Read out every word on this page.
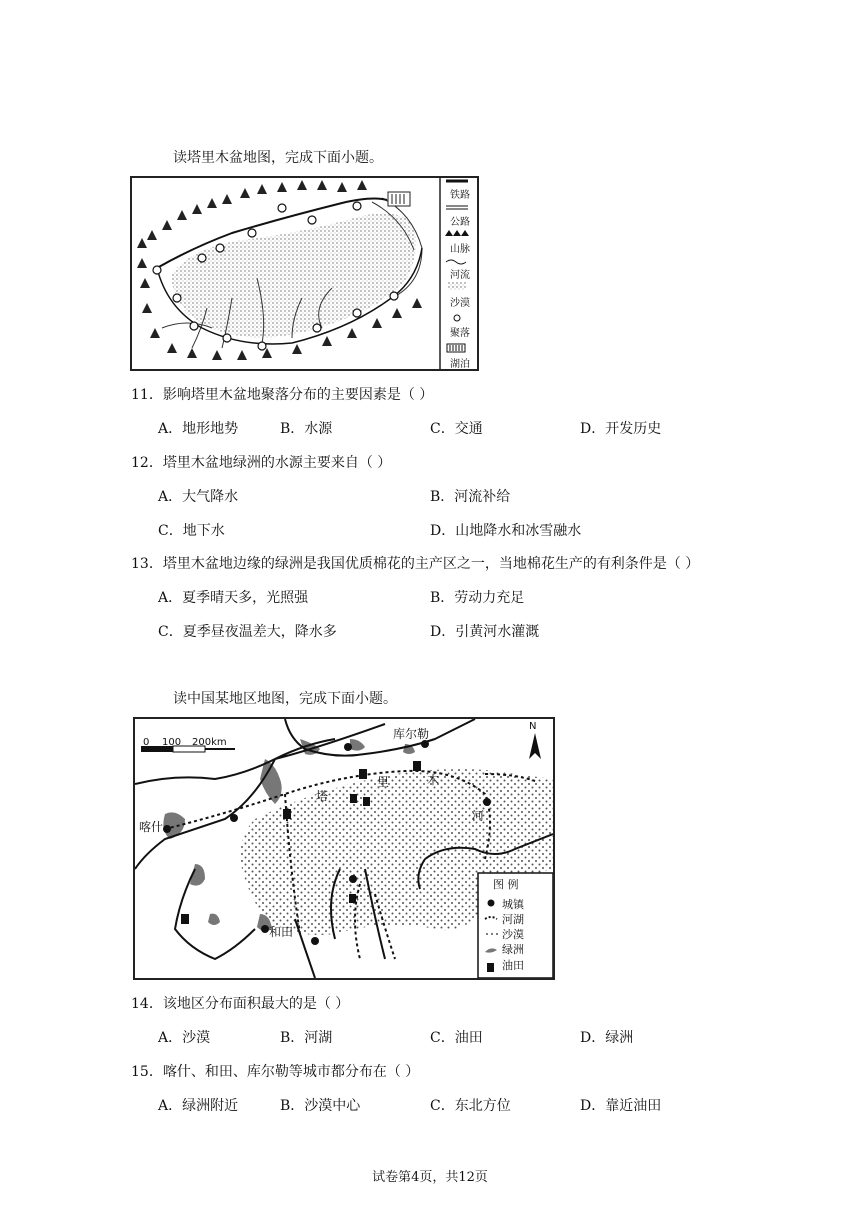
读塔里木盆地图，完成下面小题。
铁路
公路
山脉
河流
沙漠
聚落
湖泊
11．影响塔里木盆地聚落分布的主要因素是（ ）
A．地形地势	B．水源	C．交通	D．开发历史
12．塔里木盆地绿洲的水源主要来自（ ）
A．大气降水	B．河流补给
C．地下水	D．山地降水和冰雪融水
13．塔里木盆地边缘的绿洲是我国优质棉花的主产区之一，当地棉花生产的有利条件是（ ）
A．夏季晴天多，光照强	B．劳动力充足
C．夏季昼夜温差大，降水多	D．引黄河水灌溉
读中国某地区地图，完成下面小题。
0 100 200km
N
库尔勒
喀什
和田
塔
里	木
河
图 例
城镇
河湖
沙漠
绿洲
油田
14．该地区分布面积最大的是（ ）
A．沙漠	B．河湖	C．油田	D．绿洲
15．喀什、和田、库尔勒等城市都分布在（ ）
A．绿洲附近	B．沙漠中心	C．东北方位	D．靠近油田
试卷第4页，共12页
